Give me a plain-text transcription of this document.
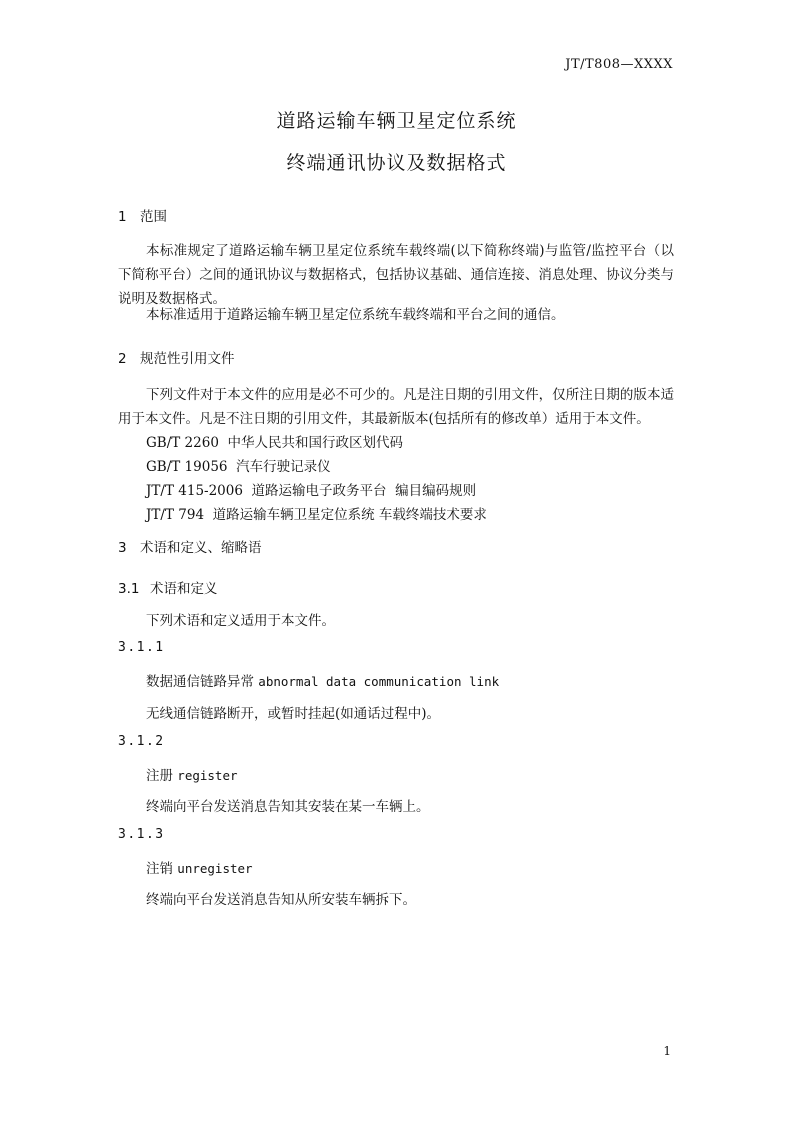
JT/T808—XXXX
道路运输车辆卫星定位系统
终端通讯协议及数据格式
1 范围
本标准规定了道路运输车辆卫星定位系统车载终端(以下简称终端)与监管/监控平台（以下简称平台）之间的通讯协议与数据格式，包括协议基础、通信连接、消息处理、协议分类与说明及数据格式。
本标准适用于道路运输车辆卫星定位系统车载终端和平台之间的通信。
2 规范性引用文件
下列文件对于本文件的应用是必不可少的。凡是注日期的引用文件，仅所注日期的版本适用于本文件。凡是不注日期的引用文件，其最新版本(包括所有的修改单）适用于本文件。
GB/T 2260  中华人民共和国行政区划代码
GB/T 19056  汽车行驶记录仪
JT/T 415-2006  道路运输电子政务平台  编目编码规则
JT/T 794  道路运输车辆卫星定位系统 车载终端技术要求
3 术语和定义、缩略语
3.1 术语和定义
下列术语和定义适用于本文件。
3.1.1
数据通信链路异常 abnormal data communication link
无线通信链路断开，或暂时挂起(如通话过程中)。
3.1.2
注册 register
终端向平台发送消息告知其安装在某一车辆上。
3.1.3
注销 unregister
终端向平台发送消息告知从所安装车辆拆下。
1
